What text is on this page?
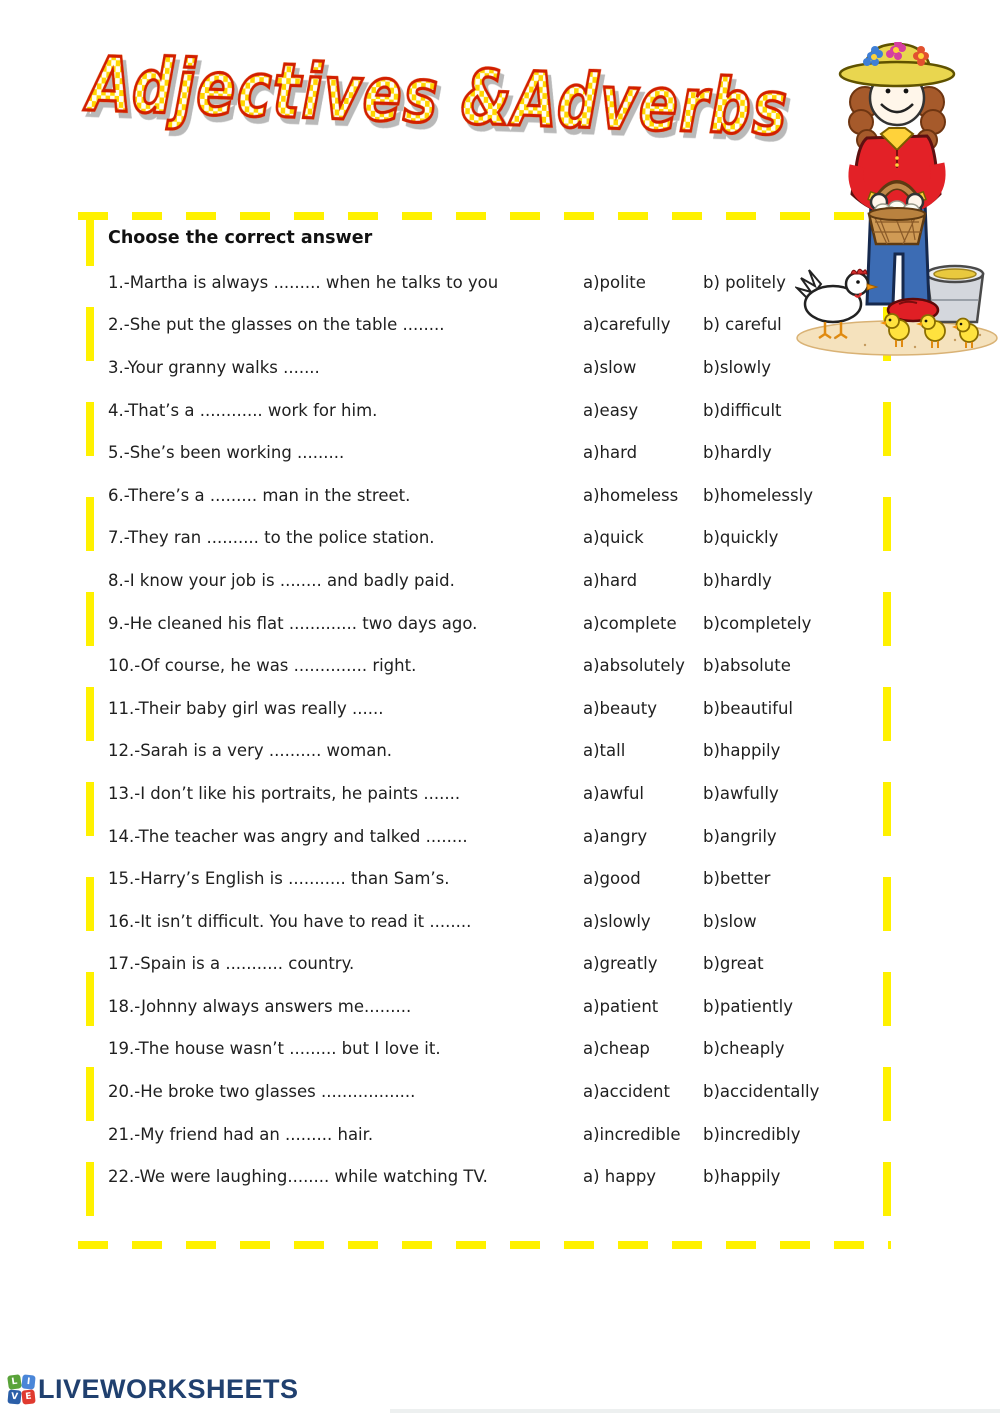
Adjectives &Adverbs
Choose the correct answer
1.-Martha is always ......... when he talks to you	a)polite	b) politely
2.-She put the glasses on the table ........	a)carefully	b) careful
3.-Your granny walks .......	a)slow	b)slowly
4.-That’s a ............ work for him.	a)easy	b)difficult
5.-She’s been working .........	a)hard	b)hardly
6.-There’s a ......... man in the street.	a)homeless	b)homelessly
7.-They ran .......... to the police station.	a)quick	b)quickly
8.-I know your job is ........ and badly paid.	a)hard	b)hardly
9.-He cleaned his flat ............. two days ago.	a)complete	b)completely
10.-Of course, he was .............. right.	a)absolutely	b)absolute
11.-Their baby girl was really ......	a)beauty	b)beautiful
12.-Sarah is a very .......... woman.	a)tall	b)happily
13.-I don’t like his portraits, he paints .......	a)awful	b)awfully
14.-The teacher was angry and talked ........	a)angry	b)angrily
15.-Harry’s English is ........... than Sam’s.	a)good	b)better
16.-It isn’t difficult. You have to read it ........	a)slowly	b)slow
17.-Spain is a ........... country.	a)greatly	b)great
18.-Johnny always answers me.........	a)patient	b)patiently
19.-The house wasn’t ......... but I love it.	a)cheap	b)cheaply
20.-He broke two glasses ..................	a)accident	b)accidentally
21.-My friend had an ......... hair.	a)incredible	b)incredibly
22.-We were laughing........ while watching TV.	a) happy	b)happily
L I
V E LIVEWORKSHEETS
